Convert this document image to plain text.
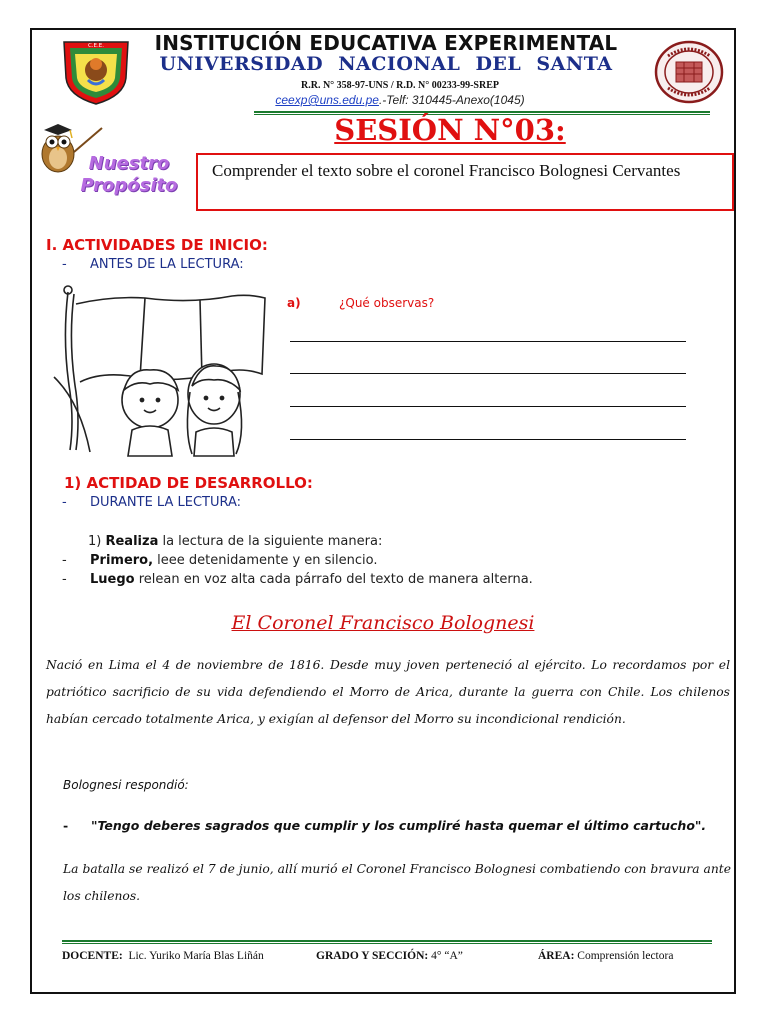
C.E.E.	INSTITUCIÓN EDUCATIVA EXPERIMENTAL
UNIVERSIDAD NACIONAL DEL SANTA
R.R. N° 358-97-UNS / R.D. N° 00233-99-SREP
ceexp@uns.edu.pe.-Telf: 310445-Anexo(1045)
SESIÓN N°03:
Nuestro
Propósito
Comprender el texto sobre el coronel Francisco Bolognesi Cervantes
I. ACTIVIDADES DE INICIO:
- ANTES DE LA LECTURA:
a)	¿Qué observas?
1) ACTIDAD DE DESARROLLO:
- DURANTE LA LECTURA:
1) Realiza la lectura de la siguiente manera:
- Primero, leee detenidamente y en silencio.
- Luego relean en voz alta cada párrafo del texto de manera alterna.
El Coronel Francisco Bolognesi
Nació en Lima el 4 de noviembre de 1816. Desde muy joven perteneció al ejército. Lo recordamos por el patriótico sacrificio de su vida defendiendo el Morro de Arica, durante la guerra con Chile. Los chilenos habían cercado totalmente Arica, y exigían al defensor del Morro su incondicional rendición.
Bolognesi respondió:
- "Tengo deberes sagrados que cumplir y los cumpliré hasta quemar el último cartucho".
La batalla se realizó el 7 de junio, allí murió el Coronel Francisco Bolognesi combatiendo con bravura ante los chilenos.
DOCENTE: Lic. Yuriko María Blas Liñán	GRADO Y SECCIÓN: 4° “A”	ÁREA: Comprensión lectora
